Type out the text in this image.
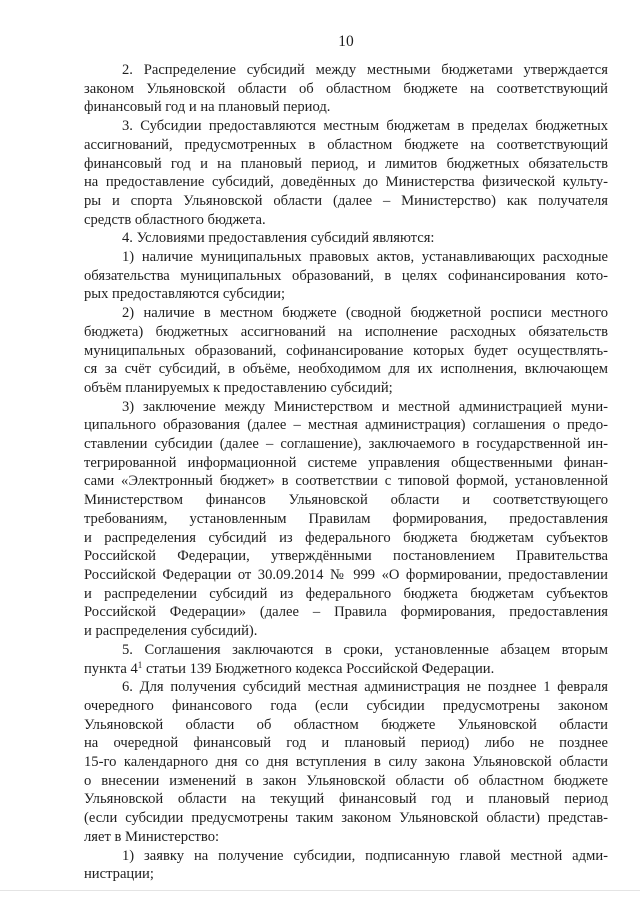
10
2. Распределение субсидий между местными бюджетами утверждается
законом Ульяновской области об областном бюджете на соответствующий
финансовый год и на плановый период.
3. Субсидии предоставляются местным бюджетам в пределах бюджетных
ассигнований, предусмотренных в областном бюджете на соответствующий
финансовый год и на плановый период, и лимитов бюджетных обязательств
на предоставление субсидий, доведённых до Министерства физической культу-
ры и спорта Ульяновской области (далее – Министерство) как получателя
средств областного бюджета.
4. Условиями предоставления субсидий являются:
1) наличие муниципальных правовых актов, устанавливающих расходные
обязательства муниципальных образований, в целях софинансирования кото-
рых предоставляются субсидии;
2) наличие в местном бюджете (сводной бюджетной росписи местного
бюджета) бюджетных ассигнований на исполнение расходных обязательств
муниципальных образований, софинансирование которых будет осуществлять-
ся за счёт субсидий, в объёме, необходимом для их исполнения, включающем
объём планируемых к предоставлению субсидий;
3) заключение между Министерством и местной администрацией муни-
ципального образования (далее – местная администрация) соглашения о предо-
ставлении субсидии (далее – соглашение), заключаемого в государственной ин-
тегрированной информационной системе управления общественными финан-
сами «Электронный бюджет» в соответствии с типовой формой, установленной
Министерством финансов Ульяновской области и соответствующего
требованиям, установленным Правилам формирования, предоставления
и распределения субсидий из федерального бюджета бюджетам субъектов
Российской Федерации, утверждёнными постановлением Правительства
Российской Федерации от 30.09.2014 № 999 «О формировании, предоставлении
и распределении субсидий из федерального бюджета бюджетам субъектов
Российской Федерации» (далее – Правила формирования, предоставления
и распределения субсидий).
5. Соглашения заключаются в сроки, установленные абзацем вторым
пункта $4^1$ статьи 139 Бюджетного кодекса Российской Федерации.
6. Для получения субсидий местная администрация не позднее 1 февраля
очередного финансового года (если субсидии предусмотрены законом
Ульяновской области об областном бюджете Ульяновской области
на очередной финансовый год и плановый период) либо не позднее
15-го календарного дня со дня вступления в силу закона Ульяновской области
о внесении изменений в закон Ульяновской области об областном бюджете
Ульяновской области на текущий финансовый год и плановый период
(если субсидии предусмотрены таким законом Ульяновской области) представ-
ляет в Министерство:
1) заявку на получение субсидии, подписанную главой местной адми-
нистрации;
